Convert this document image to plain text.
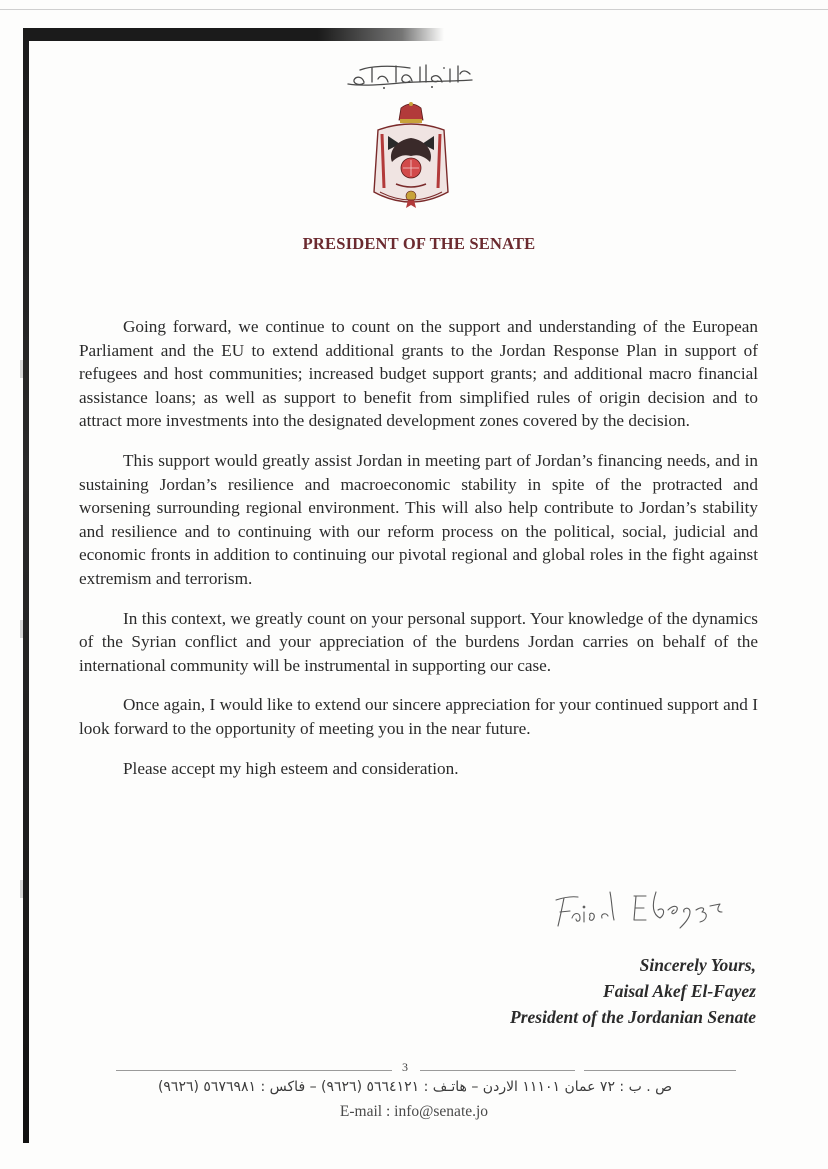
PRESIDENT OF THE SENATE

Going forward, we continue to count on the support and understanding of the European Parliament and the EU to extend additional grants to the Jordan Response Plan in support of refugees and host communities; increased budget support grants; and additional macro financial assistance loans; as well as support to benefit from simplified rules of origin decision and to attract more investments into the designated development zones covered by the decision.

This support would greatly assist Jordan in meeting part of Jordan’s financing needs, and in sustaining Jordan’s resilience and macroeconomic stability in spite of the protracted and worsening surrounding regional environment. This will also help contribute to Jordan’s stability and resilience and to continuing with our reform process on the political, social, judicial and economic fronts in addition to continuing our pivotal regional and global roles in the fight against extremism and terrorism.

In this context, we greatly count on your personal support. Your knowledge of the dynamics of the Syrian conflict and your appreciation of the burdens Jordan carries on behalf of the international community will be instrumental in supporting our case.

Once again, I would like to extend our sincere appreciation for your continued support and I look forward to the opportunity of meeting you in the near future.

Please accept my high esteem and consideration.

Sincerely Yours,
Faisal Akef El-Fayez
President of the Jordanian Senate
3
ص . ب : ٧٢ عمان ١١١٠١ الاردن – هاتـف : ٥٦٦٤١٢١ (٩٦٢٦) – فاكس : ٥٦٧٦٩٨١ (٩٦٢٦)
E-mail : info@senate.jo
